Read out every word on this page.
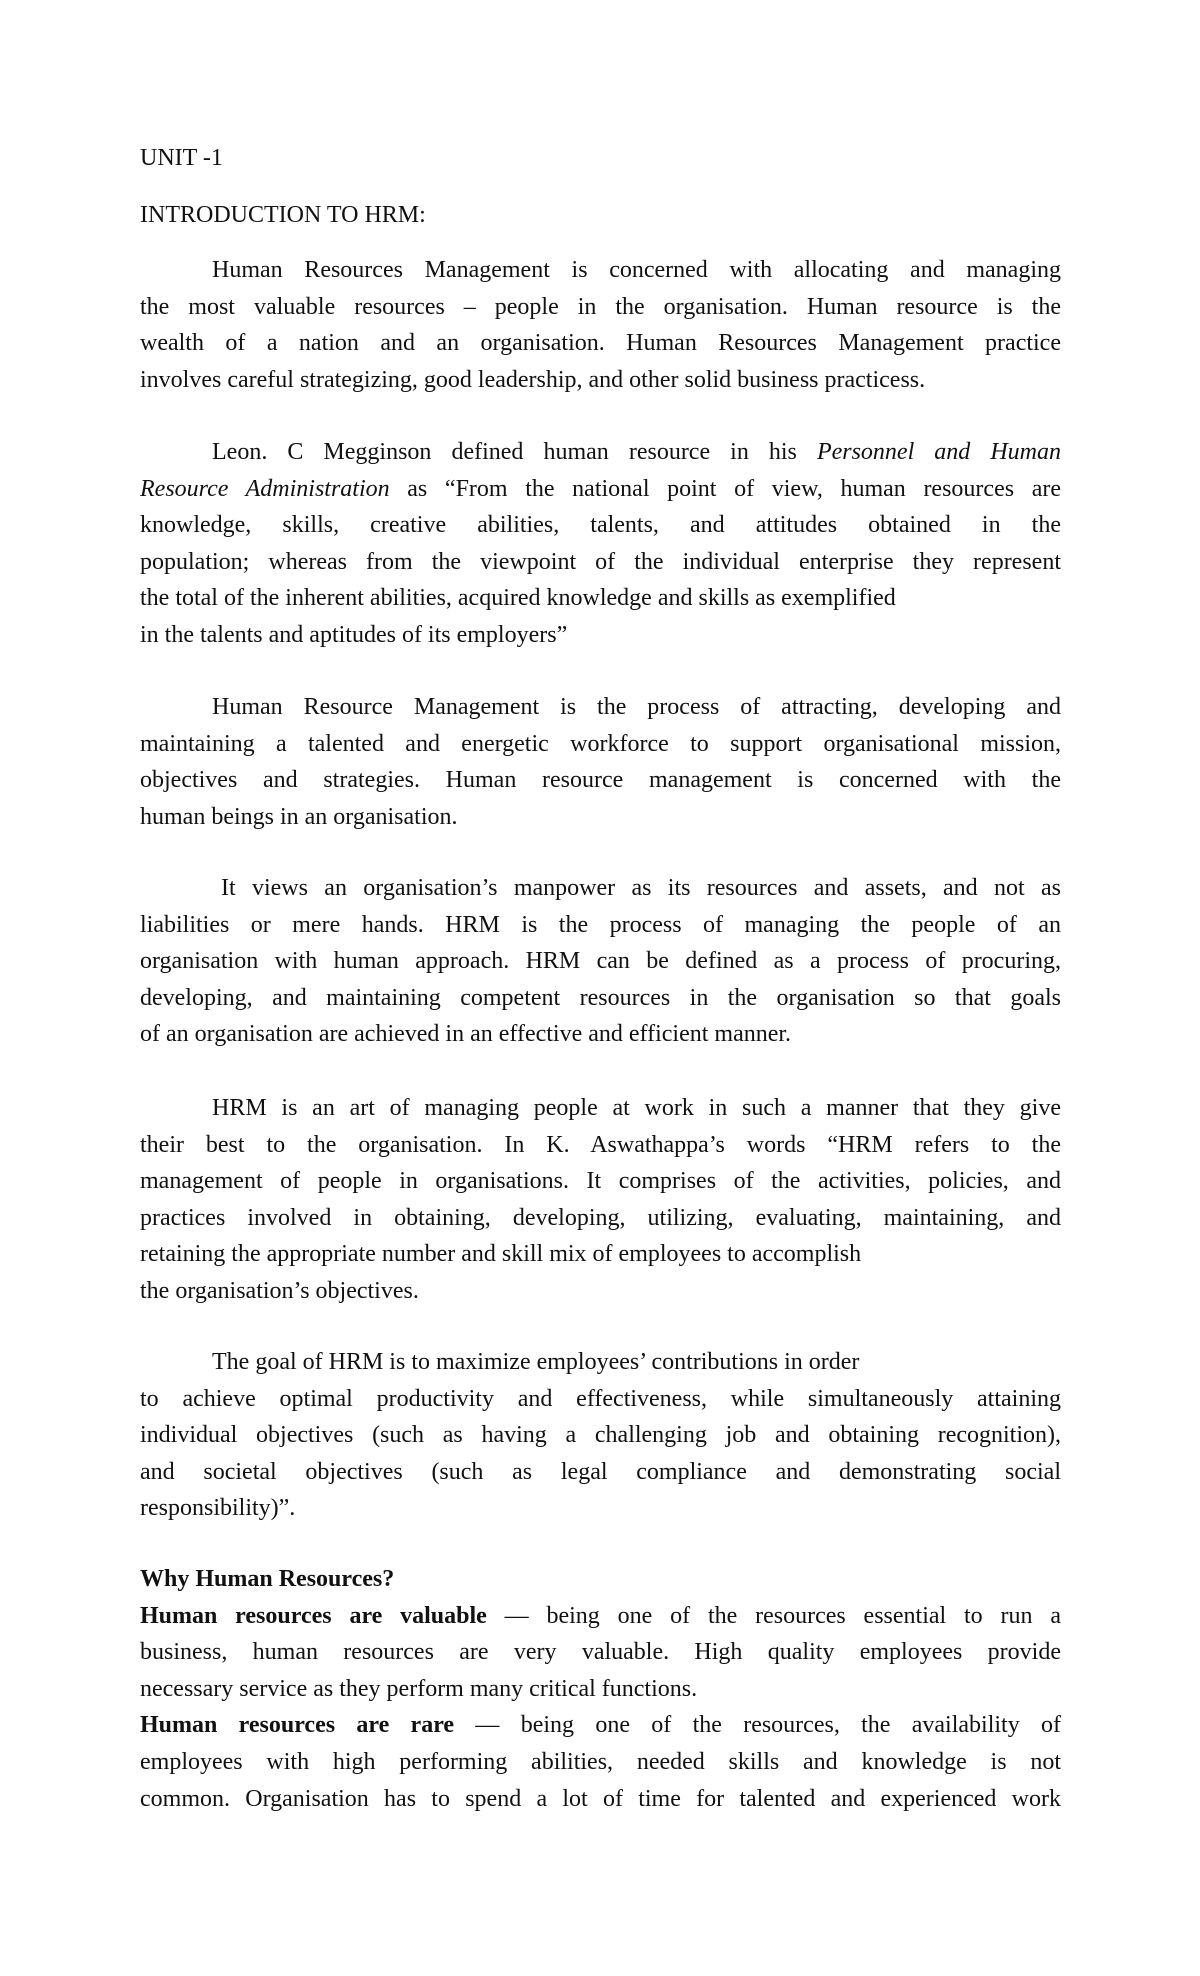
UNIT -1
INTRODUCTION TO HRM:
Human Resources Management is concerned with allocating and managing
the most valuable resources – people in the organisation. Human resource is the
wealth of a nation and an organisation. Human Resources Management practice
involves careful strategizing, good leadership, and other solid business practicess.
Leon. C Megginson defined human resource in his Personnel and Human
Resource Administration as “From the national point of view, human resources are
knowledge, skills, creative abilities, talents, and attitudes obtained in the
population; whereas from the viewpoint of the individual enterprise they represent
the total of the inherent abilities, acquired knowledge and skills as exemplified
in the talents and aptitudes of its employers”
Human Resource Management is the process of attracting, developing and
maintaining a talented and energetic workforce to support organisational mission,
objectives and strategies. Human resource management is concerned with the
human beings in an organisation.
It views an organisation’s manpower as its resources and assets, and not as
liabilities or mere hands. HRM is the process of managing the people of an
organisation with human approach. HRM can be defined as a process of procuring,
developing, and maintaining competent resources in the organisation so that goals
of an organisation are achieved in an effective and efficient manner.
HRM is an art of managing people at work in such a manner that they give
their best to the organisation. In K. Aswathappa’s words “HRM refers to the
management of people in organisations. It comprises of the activities, policies, and
practices involved in obtaining, developing, utilizing, evaluating, maintaining, and
retaining the appropriate number and skill mix of employees to accomplish
the organisation’s objectives.
The goal of HRM is to maximize employees’ contributions in order
to achieve optimal productivity and effectiveness, while simultaneously attaining
individual objectives (such as having a challenging job and obtaining recognition),
and societal objectives (such as legal compliance and demonstrating social
responsibility)”.
Why Human Resources?
Human resources are valuable — being one of the resources essential to run a
business, human resources are very valuable. High quality employees provide
necessary service as they perform many critical functions.
Human resources are rare — being one of the resources, the availability of
employees with high performing abilities, needed skills and knowledge is not
common. Organisation has to spend a lot of time for talented and experienced work
